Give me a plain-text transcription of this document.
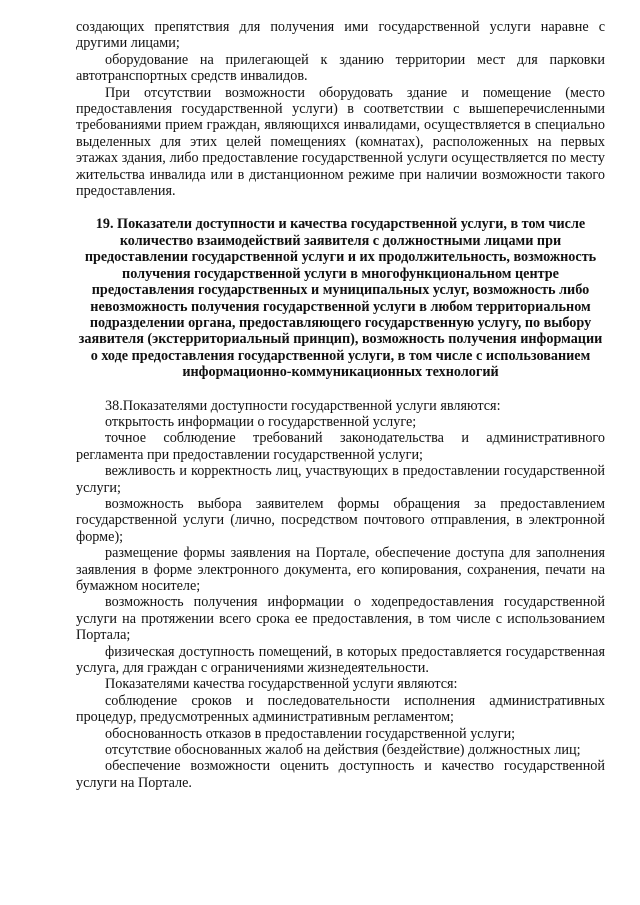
создающих препятствия для получения ими государственной услуги наравне с другими лицами;

оборудование на прилегающей к зданию территории мест для парковки автотранспортных средств инвалидов.

При отсутствии возможности оборудовать здание и помещение (место предоставления государственной услуги) в соответствии с вышеперечисленными требованиями прием граждан, являющихся инвалидами, осуществляется в специально выделенных для этих целей помещениях (комнатах), расположенных на первых этажах здания, либо предоставление государственной услуги осуществляется по месту жительства инвалида или в дистанционном режиме при наличии возможности такого предоставления.

19. Показатели доступности и качества государственной услуги, в том числе количество взаимодействий заявителя с должностными лицами при предоставлении государственной услуги и их продолжительность, возможность получения государственной услуги в многофункциональном центре предоставления государственных и муниципальных услуг, возможность либо невозможность получения государственной услуги в любом территориальном подразделении органа, предоставляющего государственную услугу, по выбору заявителя (экстерриториальный принцип), возможность получения информации о ходе предоставления государственной услуги, в том числе с использованием информационно-коммуникационных технологий

38.Показателями доступности государственной услуги являются:

открытость информации о государственной услуге;

точное соблюдение требований законодательства и административного регламента при предоставлении государственной услуги;

вежливость и корректность лиц, участвующих в предоставлении государственной услуги;

возможность выбора заявителем формы обращения за предоставлением государственной услуги (лично, посредством почтового отправления, в электронной форме);

размещение формы заявления на Портале, обеспечение доступа для заполнения заявления в форме электронного документа, его копирования, сохранения, печати на бумажном носителе;

возможность получения информации о ходепредоставления государственной услуги на протяжении всего срока ее предоставления, в том числе с использованием Портала;

физическая доступность помещений, в которых предоставляется государственная услуга, для граждан с ограничениями жизнедеятельности.

Показателями качества государственной услуги являются:

соблюдение сроков и последовательности исполнения административных процедур, предусмотренных административным регламентом;

обоснованность отказов в предоставлении государственной услуги;

отсутствие обоснованных жалоб на действия (бездействие) должностных лиц;

обеспечение возможности оценить доступность и качество государственной услуги на Портале.
